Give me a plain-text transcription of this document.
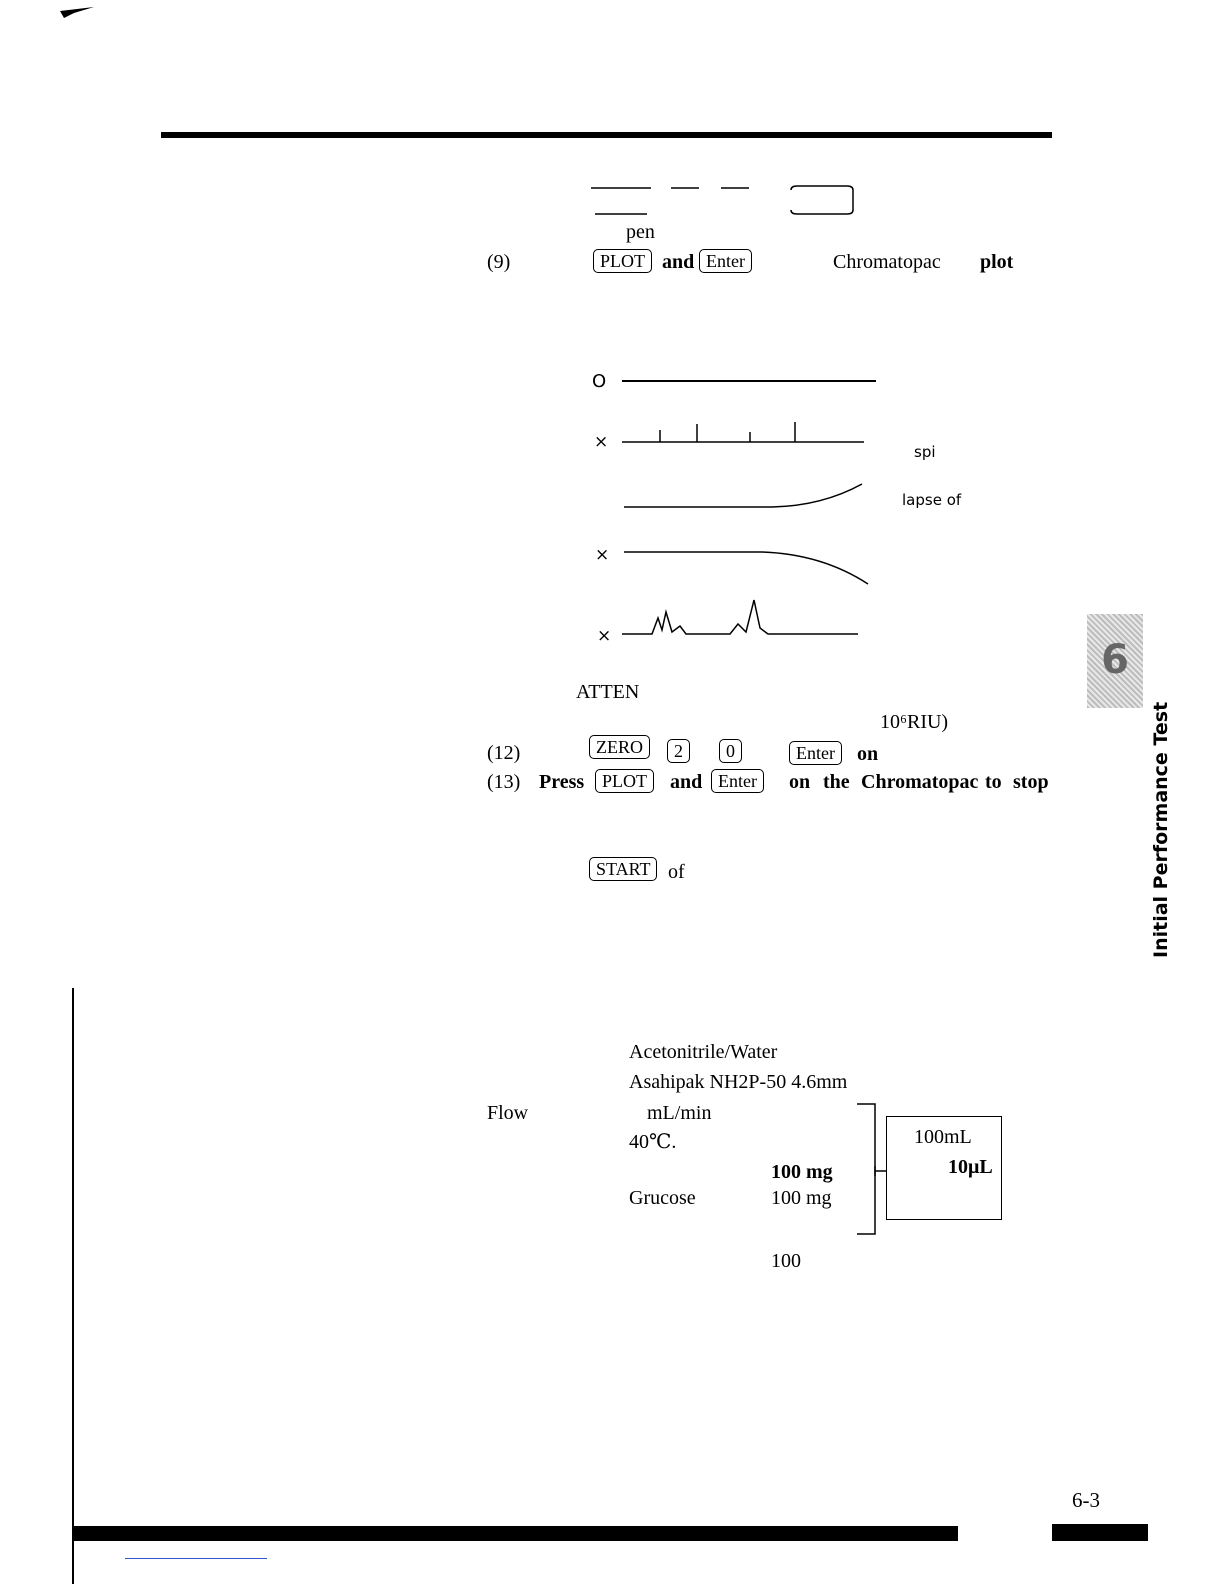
pen
(9)	PLOT and Enter	Chromatopac plot
O
×	spi
lapse of
×
×
ATTEN
10⁶RIU)
(12)	ZERO	2	0	Enter	on
(13) Press PLOT	and Enter	on the Chromatopac to stop
START of
Acetonitrile/Water
Asahipak NH2P-50 4.6mm
Flow	mL/min
40℃.
100 mg
Grucose	100 mg
100mL
10μL
100
6
Initial Performance Test
6-3
